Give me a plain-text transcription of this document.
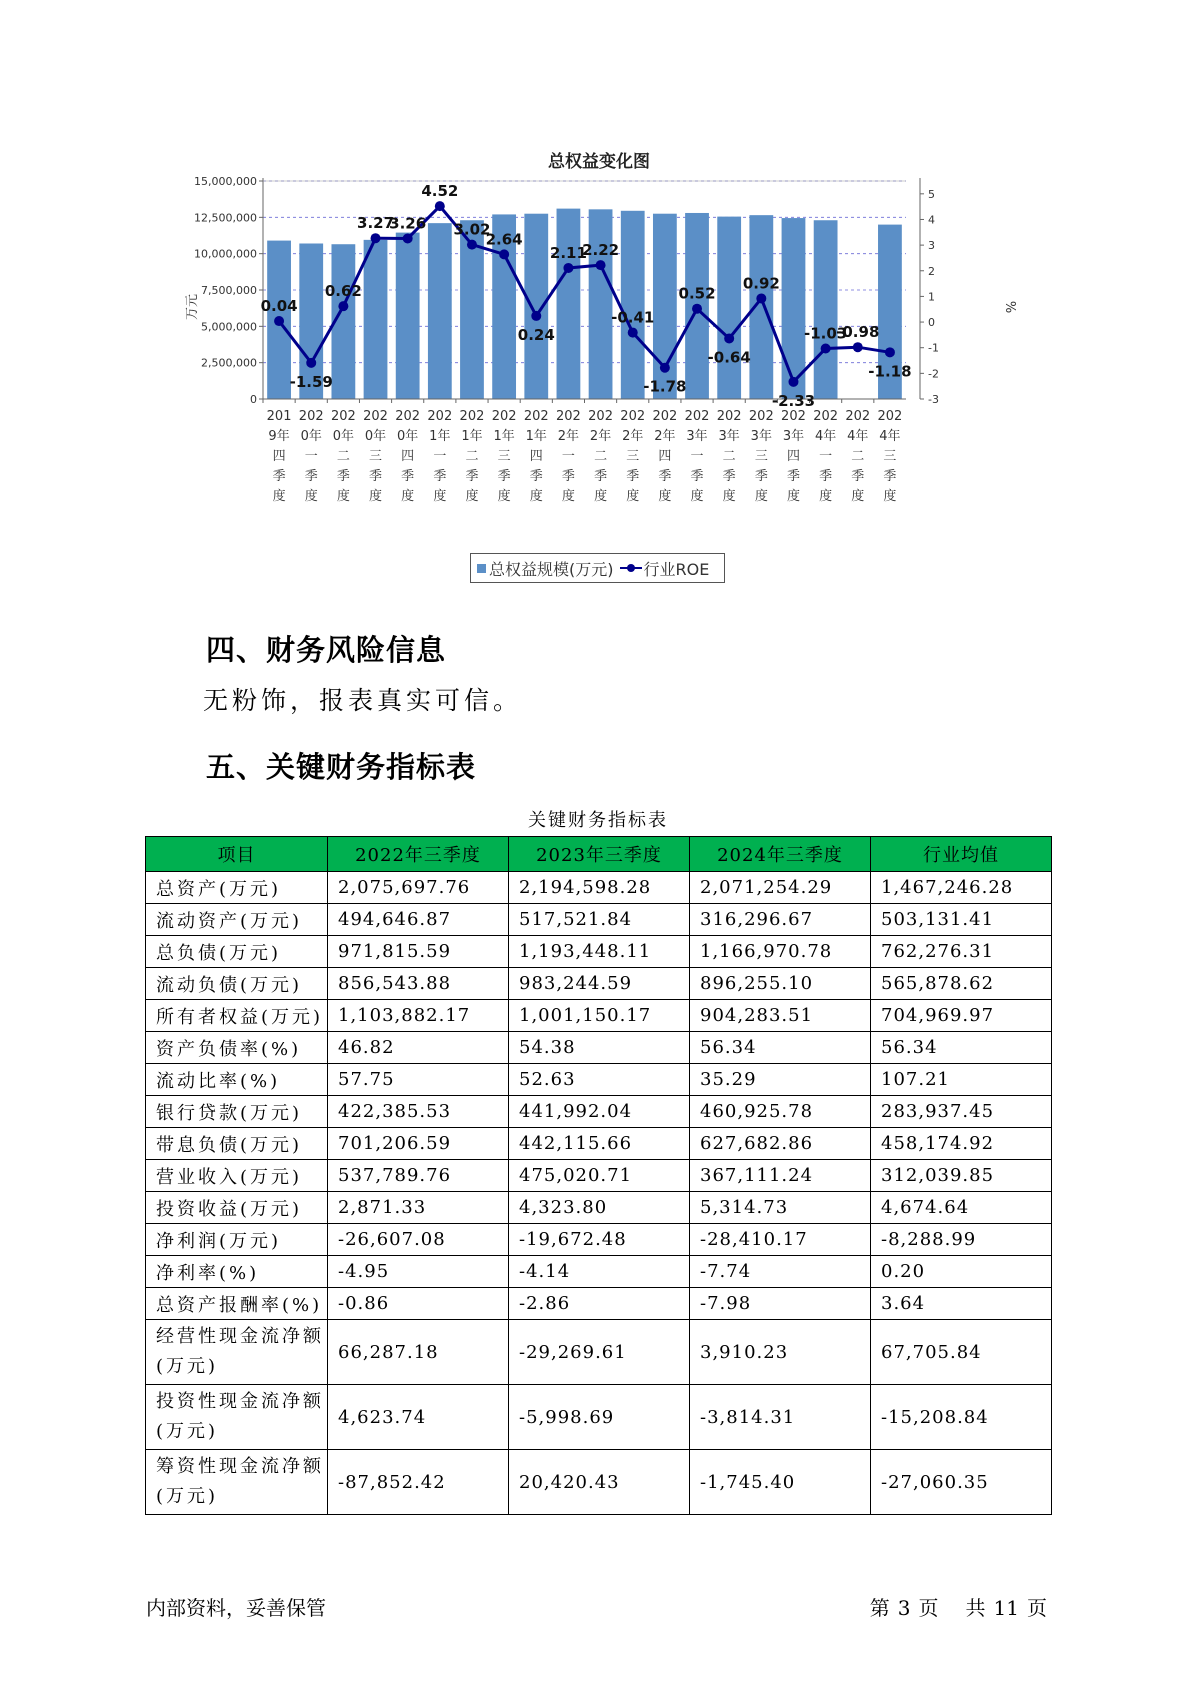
总权益变化图
15,000,000
12,500,000
10,000,000
7,500,000
5,000,000
2,500,000
0
5
4
3
2
1
0
-1
-2
-3
0.04
-1.59
0.62
3.27
3.26
4.52
3.02
2.64
0.24
2.11
2.22
-0.41
-1.78
0.52
-0.64
0.92
-2.33
-1.03
-0.98
-1.18
201
9年
四
季
度
202
0年
一
季
度
202
0年
二
季
度
202
0年
三
季
度
202
0年
四
季
度
202
1年
一
季
度
202
1年
二
季
度
202
1年
三
季
度
202
1年
四
季
度
202
2年
一
季
度
202
2年
二
季
度
202
2年
三
季
度
202
2年
四
季
度
202
3年
一
季
度
202
3年
二
季
度
202
3年
三
季
度
202
3年
四
季
度
202
4年
一
季
度
202
4年
二
季
度
202
4年
三
季
度
万元	%
总权益规模(万元) 行业ROE
四、财务风险信息
无粉饰，报表真实可信。
五、关键财务指标表
关键财务指标表
项目	2022年三季度	2023年三季度	2024年三季度	行业均值
总资产(万元)	2,075,697.76	2,194,598.28	2,071,254.29	1,467,246.28
流动资产(万元)	494,646.87	517,521.84	316,296.67	503,131.41
总负债(万元)	971,815.59	1,193,448.11	1,166,970.78	762,276.31
流动负债(万元)	856,543.88	983,244.59	896,255.10	565,878.62
所有者权益(万元)	1,103,882.17	1,001,150.17	904,283.51	704,969.97
资产负债率(%)	46.82	54.38	56.34	56.34
流动比率(%)	57.75	52.63	35.29	107.21
银行贷款(万元)	422,385.53	441,992.04	460,925.78	283,937.45
带息负债(万元)	701,206.59	442,115.66	627,682.86	458,174.92
营业收入(万元)	537,789.76	475,020.71	367,111.24	312,039.85
投资收益(万元)	2,871.33	4,323.80	5,314.73	4,674.64
净利润(万元)	-26,607.08	-19,672.48	-28,410.17	-8,288.99
净利率(%)	-4.95	-4.14	-7.74	0.20
总资产报酬率(%)	-0.86	-2.86	-7.98	3.64
经营性现金流净额(万元)	66,287.18	-29,269.61	3,910.23	67,705.84
投资性现金流净额(万元)	4,623.74	-5,998.69	-3,814.31	-15,208.84
筹资性现金流净额(万元)	-87,852.42	20,420.43	-1,745.40	-27,060.35
内部资料，妥善保管	第 3 页 共 11 页
